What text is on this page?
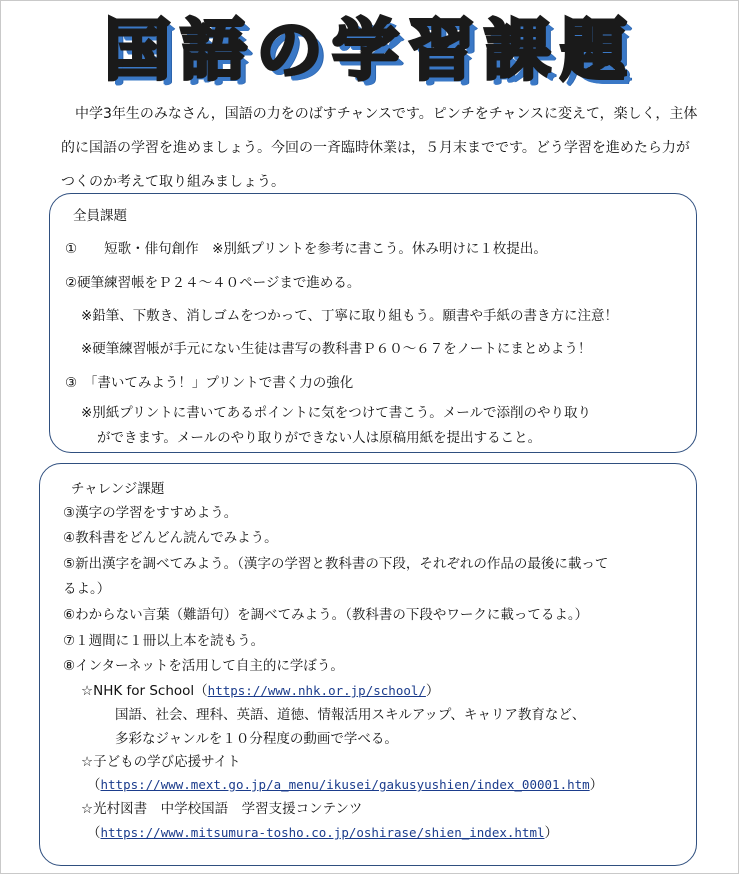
国語の学習課題

　中学3年生のみなさん，国語の力をのばすチャンスです。ピンチをチャンスに変えて，楽しく，主体的に国語の学習を進めましょう。今回の一斉臨時休業は，５月末までです。どう学習を進めたら力がつくのか考えて取り組みましょう。

全員課題
①　　短歌・俳句創作　※別紙プリントを参考に書こう。休み明けに１枚提出。
②硬筆練習帳をＰ２４～４０ページまで進める。
※鉛筆、下敷き、消しゴムをつかって、丁寧に取り組もう。願書や手紙の書き方に注意！
※硬筆練習帳が手元にない生徒は書写の教科書Ｐ６０～６７をノートにまとめよう！
③　「書いてみよう！」プリントで書く力の強化
※別紙プリントに書いてあるポイントに気をつけて書こう。メールで添削のやり取り
ができます。メールのやり取りができない人は原稿用紙を提出すること。
チャレンジ課題
③漢字の学習をすすめよう。
④教科書をどんどん読んでみよう。
⑤新出漢字を調べてみよう。（漢字の学習と教科書の下段，それぞれの作品の最後に載って
るよ。）
⑥わからない言葉（難語句）を調べてみよう。（教科書の下段やワークに載ってるよ。）
⑦１週間に１冊以上本を読もう。
⑧インターネットを活用して自主的に学ぼう。
☆NHK for School（https://www.nhk.or.jp/school/）
国語、社会、理科、英語、道徳、情報活用スキルアップ、キャリア教育など、
多彩なジャンルを１０分程度の動画で学べる。
☆子どもの学び応援サイト
（https://www.mext.go.jp/a_menu/ikusei/gakusyushien/index_00001.htm）
☆光村図書　中学校国語　学習支援コンテンツ
（https://www.mitsumura-tosho.co.jp/oshirase/shien_index.html）
